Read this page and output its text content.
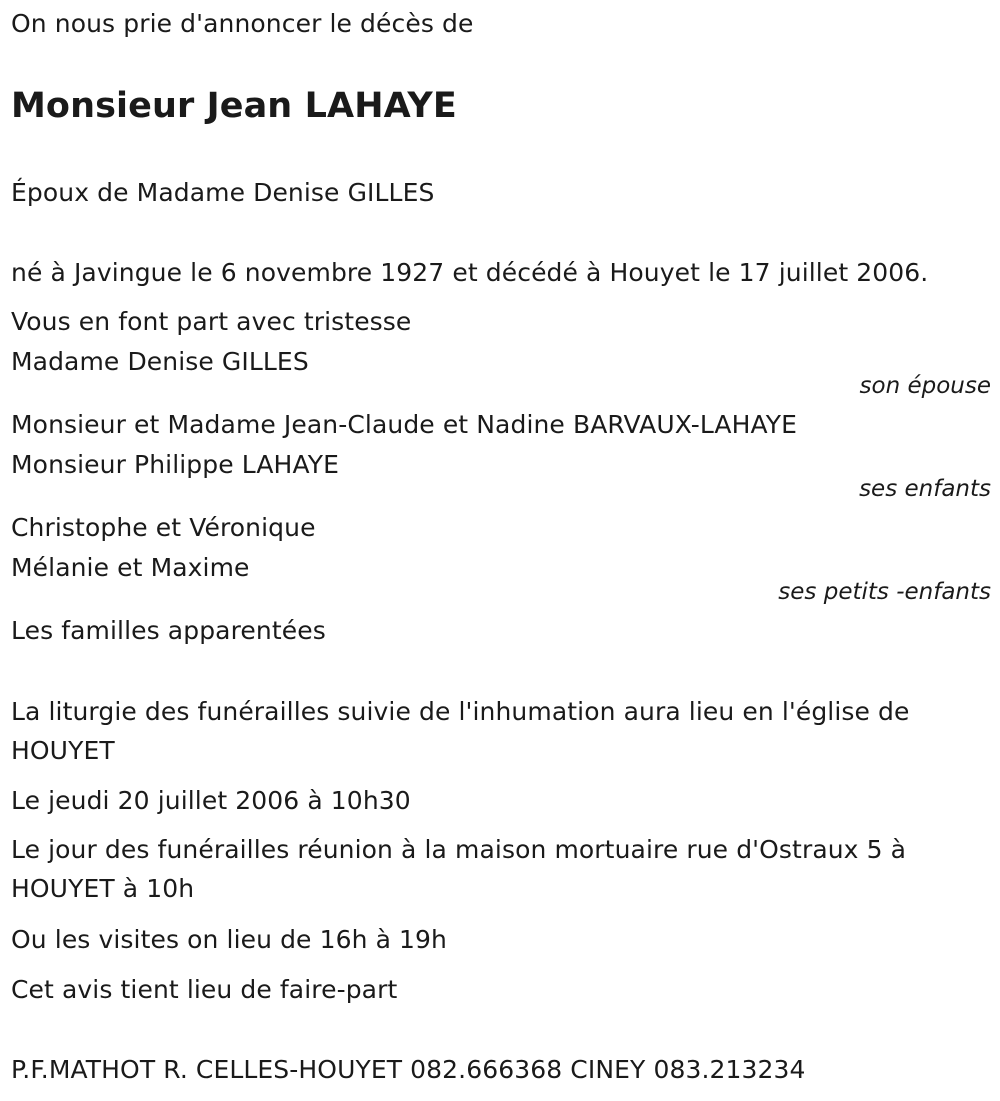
On nous prie d'annoncer le décès de
Monsieur Jean LAHAYE
Époux de Madame Denise GILLES
né à Javingue le 6 novembre 1927 et décédé à Houyet le 17 juillet 2006.
Vous en font part avec tristesse
Madame Denise GILLES
son épouse
Monsieur et Madame Jean-Claude et Nadine BARVAUX-LAHAYE
Monsieur Philippe LAHAYE
ses enfants
Christophe et Véronique
Mélanie et Maxime
ses petits -enfants
Les familles apparentées
La liturgie des funérailles suivie de l'inhumation aura lieu en l'église de
HOUYET
Le jeudi 20 juillet 2006 à 10h30
Le jour des funérailles réunion à la maison mortuaire rue d'Ostraux 5 à
HOUYET à 10h
Ou les visites on lieu de 16h à 19h
Cet avis tient lieu de faire-part
P.F.MATHOT R. CELLES-HOUYET 082.666368 CINEY 083.213234
